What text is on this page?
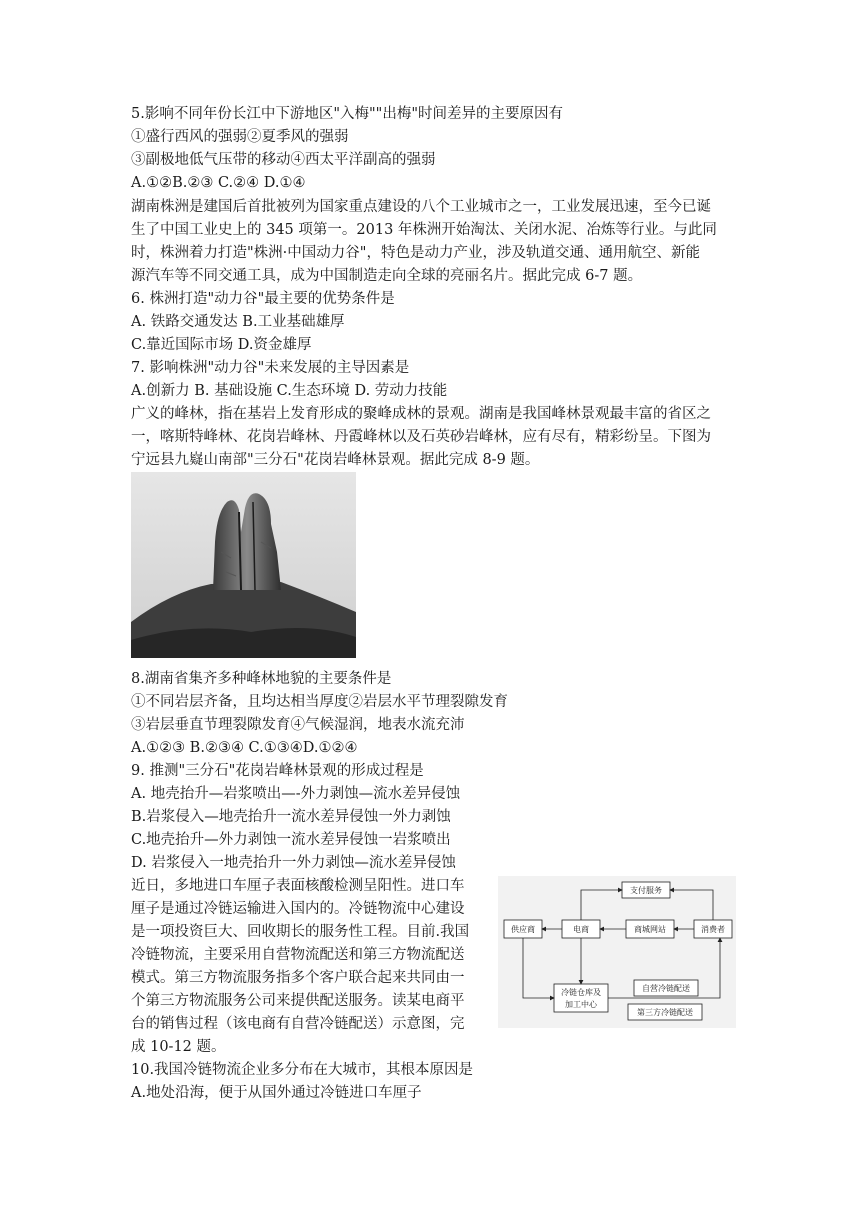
5.影响不同年份长江中下游地区"入梅""出梅"时间差异的主要原因有
①盛行西风的强弱②夏季风的强弱
③副极地低气压带的移动④西太平洋副高的强弱
A.①②B.②③ C.②④ D.①④
湖南株洲是建国后首批被列为国家重点建设的八个工业城市之一，工业发展迅速，至今已诞
生了中国工业史上的 345 项第一。2013 年株洲开始淘汰、关闭水泥、冶炼等行业。与此同
时，株洲着力打造"株洲·中国动力谷"，特色是动力产业，涉及轨道交通、通用航空、新能
源汽车等不同交通工具，成为中国制造走向全球的亮丽名片。据此完成 6-7 题。
6. 株洲打造"动力谷"最主要的优势条件是
A. 铁路交通发达 B.工业基础雄厚
C.靠近国际市场 D.资金雄厚
7. 影响株洲"动力谷"未来发展的主导因素是
A.创新力 B. 基础设施 C.生态环境 D. 劳动力技能
广义的峰林，指在基岩上发育形成的聚峰成林的景观。湖南是我国峰林景观最丰富的省区之
一，喀斯特峰林、花岗岩峰林、丹霞峰林以及石英砂岩峰林，应有尽有，精彩纷呈。下图为
宁远县九嶷山南部"三分石"花岗岩峰林景观。据此完成 8-9 题。
8.湖南省集齐多种峰林地貌的主要条件是
①不同岩层齐备，且均达相当厚度②岩层水平节理裂隙发育
③岩层垂直节理裂隙发育④气候湿润，地表水流充沛
A.①②③ B.②③④ C.①③④D.①②④
9. 推测"三分石"花岗岩峰林景观的形成过程是
A. 地壳抬升—岩浆喷出—-外力剥蚀—流水差异侵蚀
B.岩浆侵入—地壳抬升一流水差异侵蚀一外力剥蚀
C.地壳抬升—外力剥蚀一流水差异侵蚀一岩浆喷出
D. 岩浆侵入一地壳抬升一外力剥蚀—流水差异侵蚀
近日，多地进口车厘子表面核酸检测呈阳性。进口车
厘子是通过冷链运输进入国内的。冷链物流中心建设
是一项投资巨大、回收期长的服务性工程。目前.我国
冷链物流，主要采用自营物流配送和第三方物流配送
模式。第三方物流服务指多个客户联合起来共同由一
个第三方物流服务公司来提供配送服务。读某电商平
台的销售过程（该电商有自营冷链配送）示意图，完
成 10-12 题。
10.我国冷链物流企业多分布在大城市，其根本原因是
A.地处沿海，便于从国外通过冷链进口车厘子
支付服务
供应商	电商	商城网站	消费者
冷链仓库及
加工中心
自营冷链配送
第三方冷链配送
